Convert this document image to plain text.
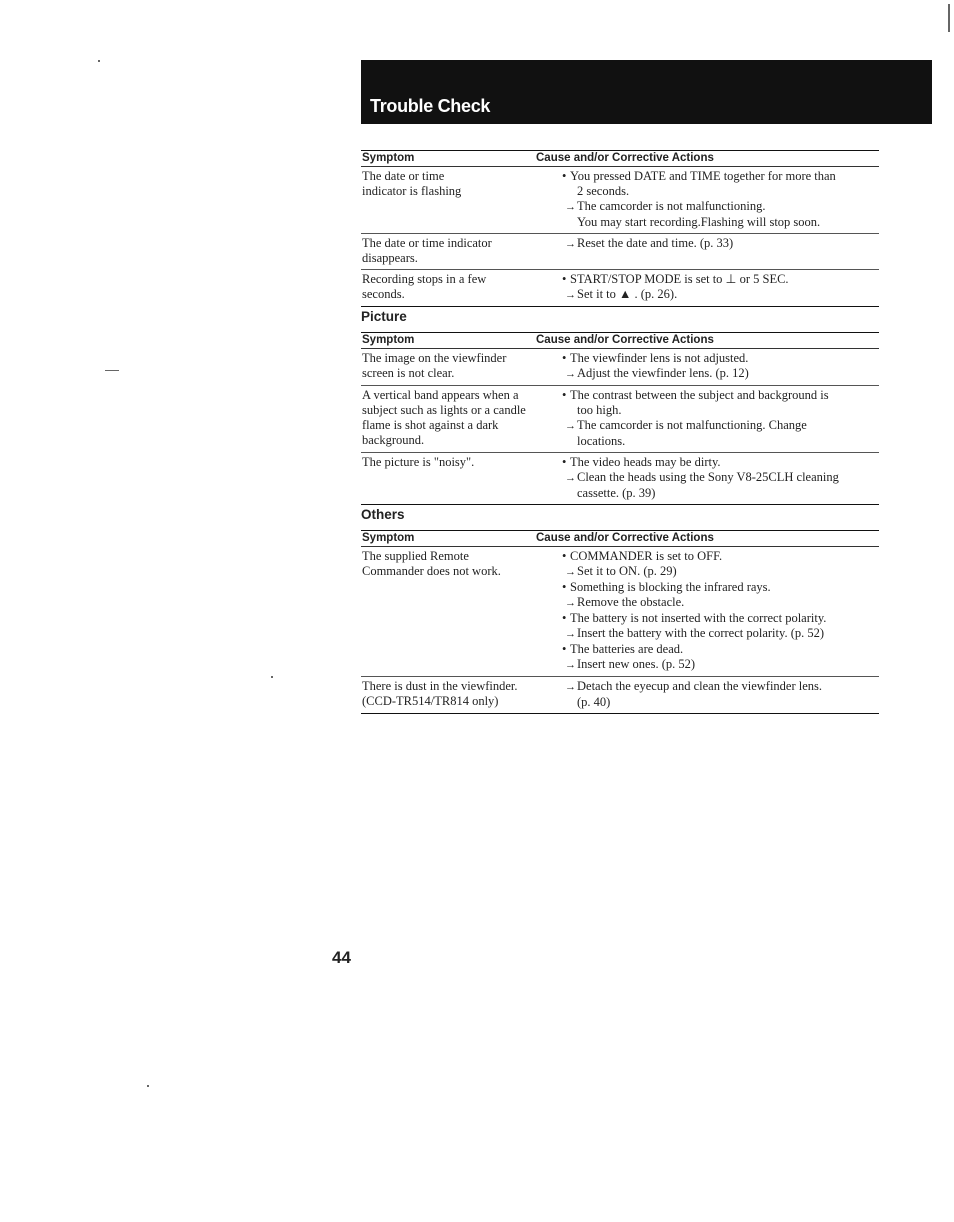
Trouble Check
Symptom	Cause and/or Corrective Actions
The date or time
indicator is flashing
• You pressed DATE and TIME together for more than
2 seconds.
→ The camcorder is not malfunctioning.
You may start recording.Flashing will stop soon.
The date or time indicator
disappears.
→ Reset the date and time. (p. 33)
Recording stops in a few
seconds.
• START/STOP MODE is set to ⊥ or 5 SEC.
→ Set it to ▲ . (p. 26).
Picture
Symptom	Cause and/or Corrective Actions
The image on the viewfinder
screen is not clear.
• The viewfinder lens is not adjusted.
→ Adjust the viewfinder lens. (p. 12)
A vertical band appears when a
subject such as lights or a candle
flame is shot against a dark
background.
• The contrast between the subject and background is
too high.
→ The camcorder is not malfunctioning. Change
locations.
The picture is "noisy".
•	The video heads may be dirty.
→ Clean the heads using the Sony V8-25CLH cleaning
cassette. (p. 39)
Others
Symptom	Cause and/or Corrective Actions
The supplied Remote
Commander does not work.
• COMMANDER is set to OFF.
→ Set it to ON. (p. 29)
• Something is blocking the infrared rays.
→ Remove the obstacle.
• The battery is not inserted with the correct polarity.
→ Insert the battery with the correct polarity. (p. 52)
• The batteries are dead.
→ Insert new ones. (p. 52)
There is dust in the viewfinder.
(CCD-TR514/TR814 only)
→ Detach the eyecup and clean the viewfinder lens.
(p. 40)
44
